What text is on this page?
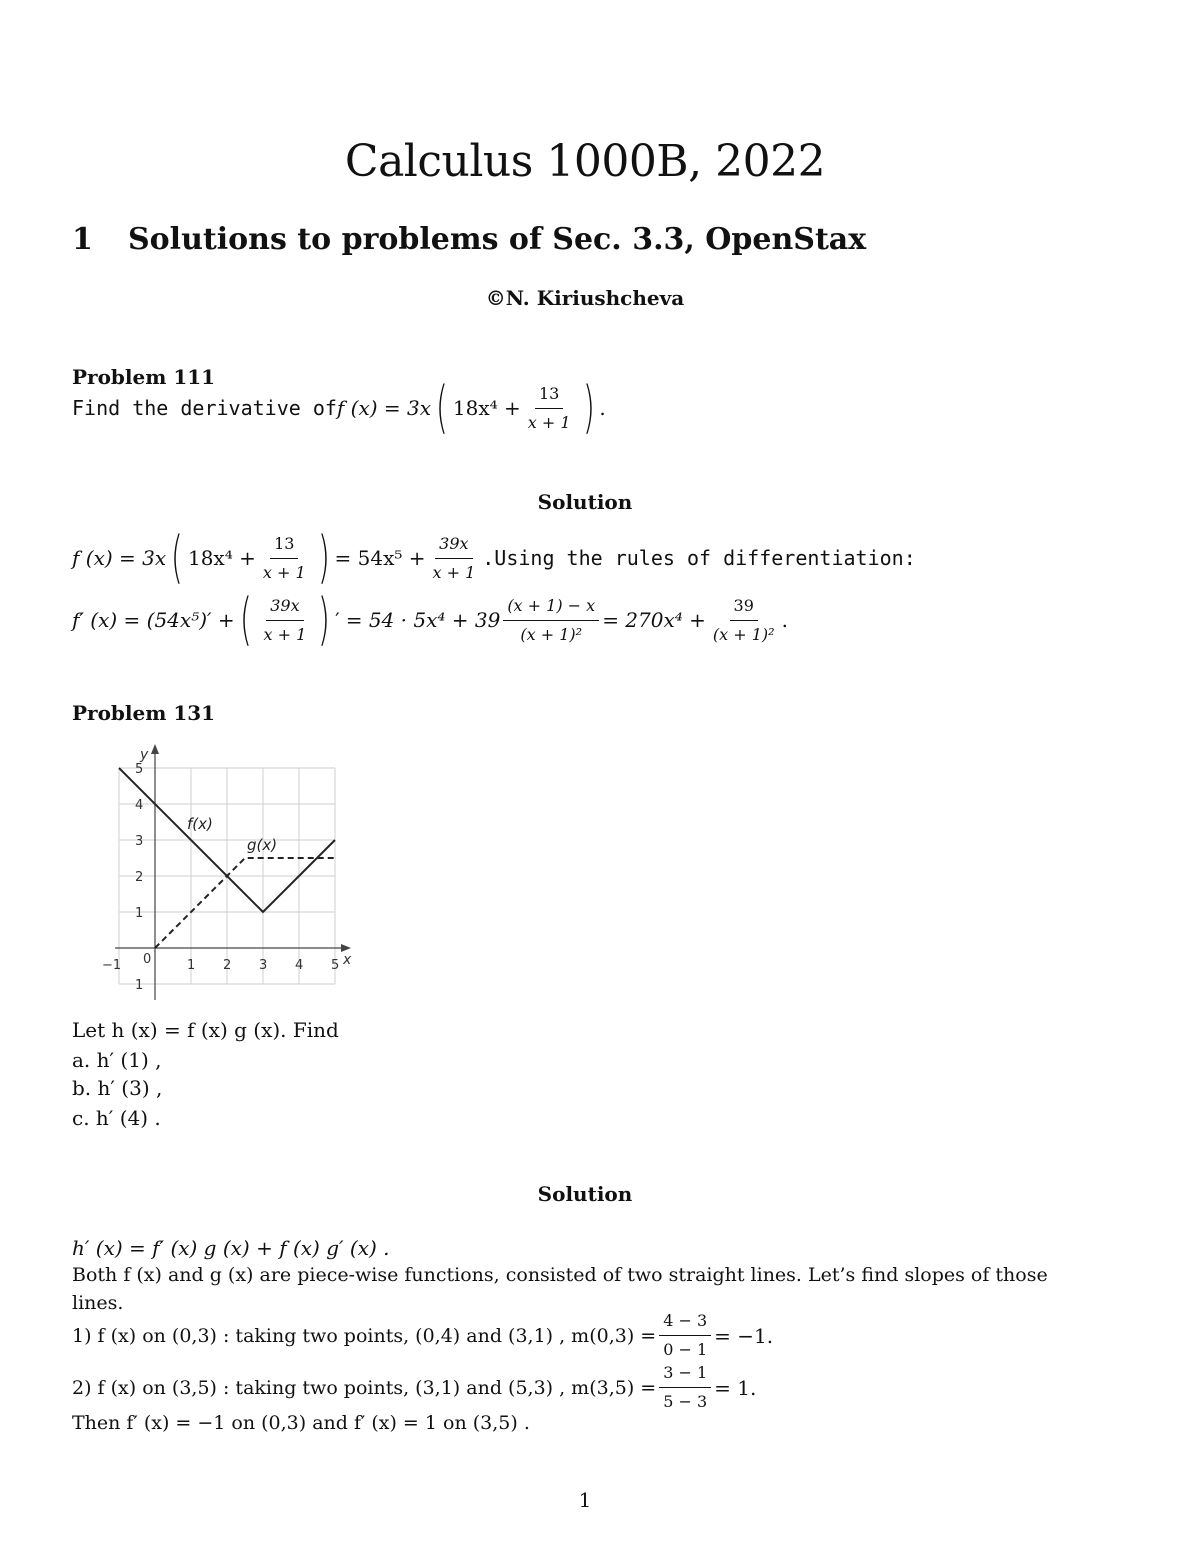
Calculus 1000B, 2022
1 Solutions to problems of Sec. 3.3, OpenStax
©N. Kiriushcheva
Problem 111
Find the derivative of f (x) = 3x ( $18x^4 + \frac{13}{x + 1}$ ) .
Solution
f (x) = 3x ( $18x^4 + \frac{13}{x + 1}$ ) = $54x^5 + \frac{39x}{x + 1} .Using$ the rules of differentiation:
f′ (x) = (54x⁵)′ + ( $\frac{39x}{x + 1}$ ) ′ = $54 \cdot 5x^4 + 39 \frac{(x + 1) - x}{\text{(x + 1)²}} = 270x^4 + \frac{39}{\text{(x + 1)²}}$ .
Problem 131
y
x
5
4
3
2
1
1
−1 0	1 2 3 4 5
f(x)
g(x)
Let h (x) = f (x) g (x). Find
a. h′ (1) ,
b. h′ (3) ,
c. h′ (4) .
Solution
h′ (x) = f′ (x) g (x) + f (x) g′ (x) .
Both f (x) and g (x) are piece-wise functions, consisted of two straight lines. Let’s find slopes of those
lines.
1) f (x) on (0,3) : taking two points, (0,4) and (3,1) , $m(0,3) = \frac{4 - 3}{0 - 1} = -1$.
2) f (x) on (3,5) : taking two points, (3,1) and (5,3) , $m(3,5) = \frac{3 - 1}{5 - 3} = 1$.
Then f′ (x) = −1 on (0,3) and f′ (x) = 1 on (3,5) .
1
